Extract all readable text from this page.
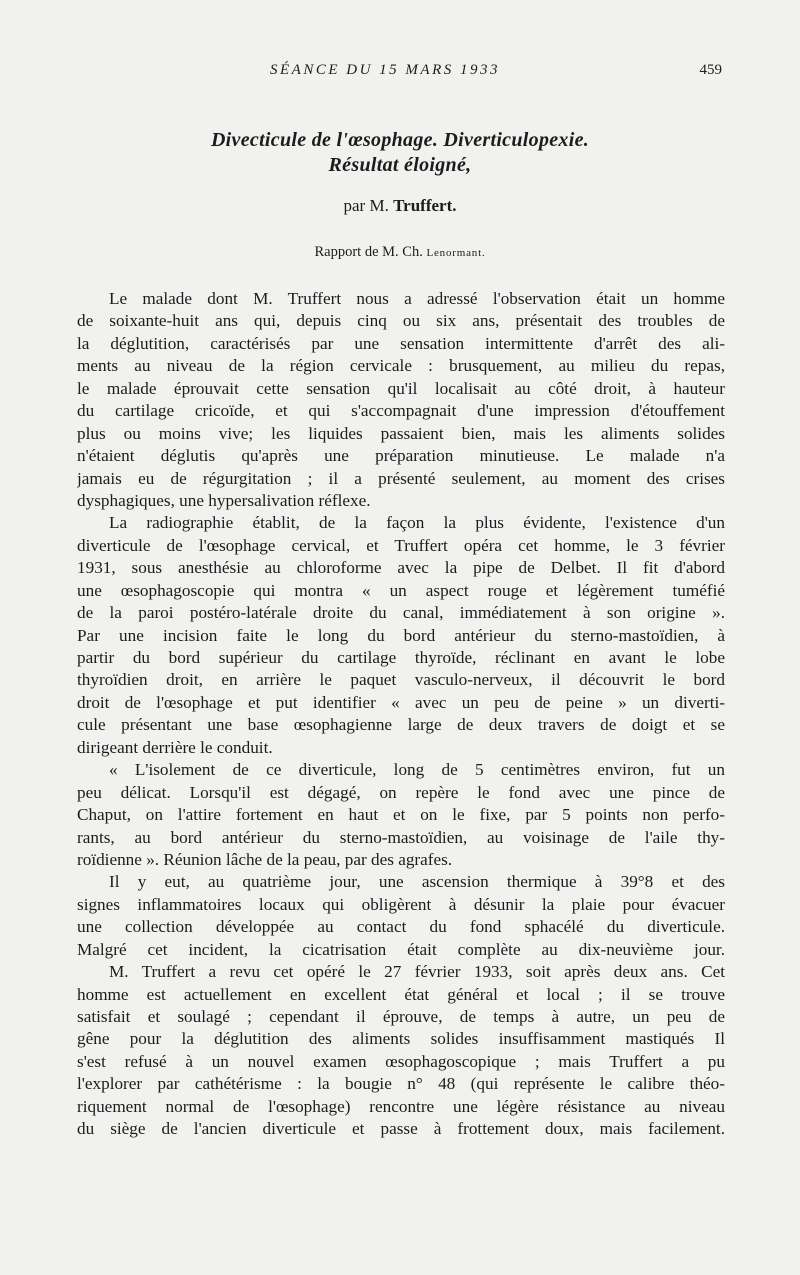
SÉANCE DU 15 MARS 1933	459

Divecticule de l'œsophage. Diverticulopexie.

Résultat éloigné,

par M. Truffert.
Rapport de M. Ch. Lenormant.
Le malade dont M. Truffert nous a adressé l'observation était un homme
de soixante-huit ans qui, depuis cinq ou six ans, présentait des troubles de
la déglutition, caractérisés par une sensation intermittente d'arrêt des ali-
ments au niveau de la région cervicale : brusquement, au milieu du repas,
le malade éprouvait cette sensation qu'il localisait au côté droit, à hauteur
du cartilage cricoïde, et qui s'accompagnait d'une impression d'étouffement
plus ou moins vive; les liquides passaient bien, mais les aliments solides
n'étaient déglutis qu'après une préparation minutieuse. Le malade n'a
jamais eu de régurgitation ; il a présenté seulement, au moment des crises
dysphagiques, une hypersalivation réflexe.
La radiographie établit, de la façon la plus évidente, l'existence d'un
diverticule de l'œsophage cervical, et Truffert opéra cet homme, le 3 février
1931, sous anesthésie au chloroforme avec la pipe de Delbet. Il fit d'abord
une œsophagoscopie qui montra « un aspect rouge et légèrement tuméfié
de la paroi postéro-latérale droite du canal, immédiatement à son origine ».
Par une incision faite le long du bord antérieur du sterno-mastoïdien, à
partir du bord supérieur du cartilage thyroïde, réclinant en avant le lobe
thyroïdien droit, en arrière le paquet vasculo-nerveux, il découvrit le bord
droit de l'œsophage et put identifier « avec un peu de peine » un diverti-
cule présentant une base œsophagienne large de deux travers de doigt et se
dirigeant derrière le conduit.
« L'isolement de ce diverticule, long de 5 centimètres environ, fut un
peu délicat. Lorsqu'il est dégagé, on repère le fond avec une pince de
Chaput, on l'attire fortement en haut et on le fixe, par 5 points non perfo-
rants, au bord antérieur du sterno-mastoïdien, au voisinage de l'aile thy-
roïdienne ». Réunion lâche de la peau, par des agrafes.
Il y eut, au quatrième jour, une ascension thermique à 39°8 et des
signes inflammatoires locaux qui obligèrent à désunir la plaie pour évacuer
une collection développée au contact du fond sphacélé du diverticule.
Malgré cet incident, la cicatrisation était complète au dix-neuvième jour.
M. Truffert a revu cet opéré le 27 février 1933, soit après deux ans. Cet
homme est actuellement en excellent état général et local ; il se trouve
satisfait et soulagé ; cependant il éprouve, de temps à autre, un peu de
gêne pour la déglutition des aliments solides insuffisamment mastiqués Il
s'est refusé à un nouvel examen œsophagoscopique ; mais Truffert a pu
l'explorer par cathétérisme : la bougie n° 48 (qui représente le calibre théo-
riquement normal de l'œsophage) rencontre une légère résistance au niveau
du siège de l'ancien diverticule et passe à frottement doux, mais facilement.
